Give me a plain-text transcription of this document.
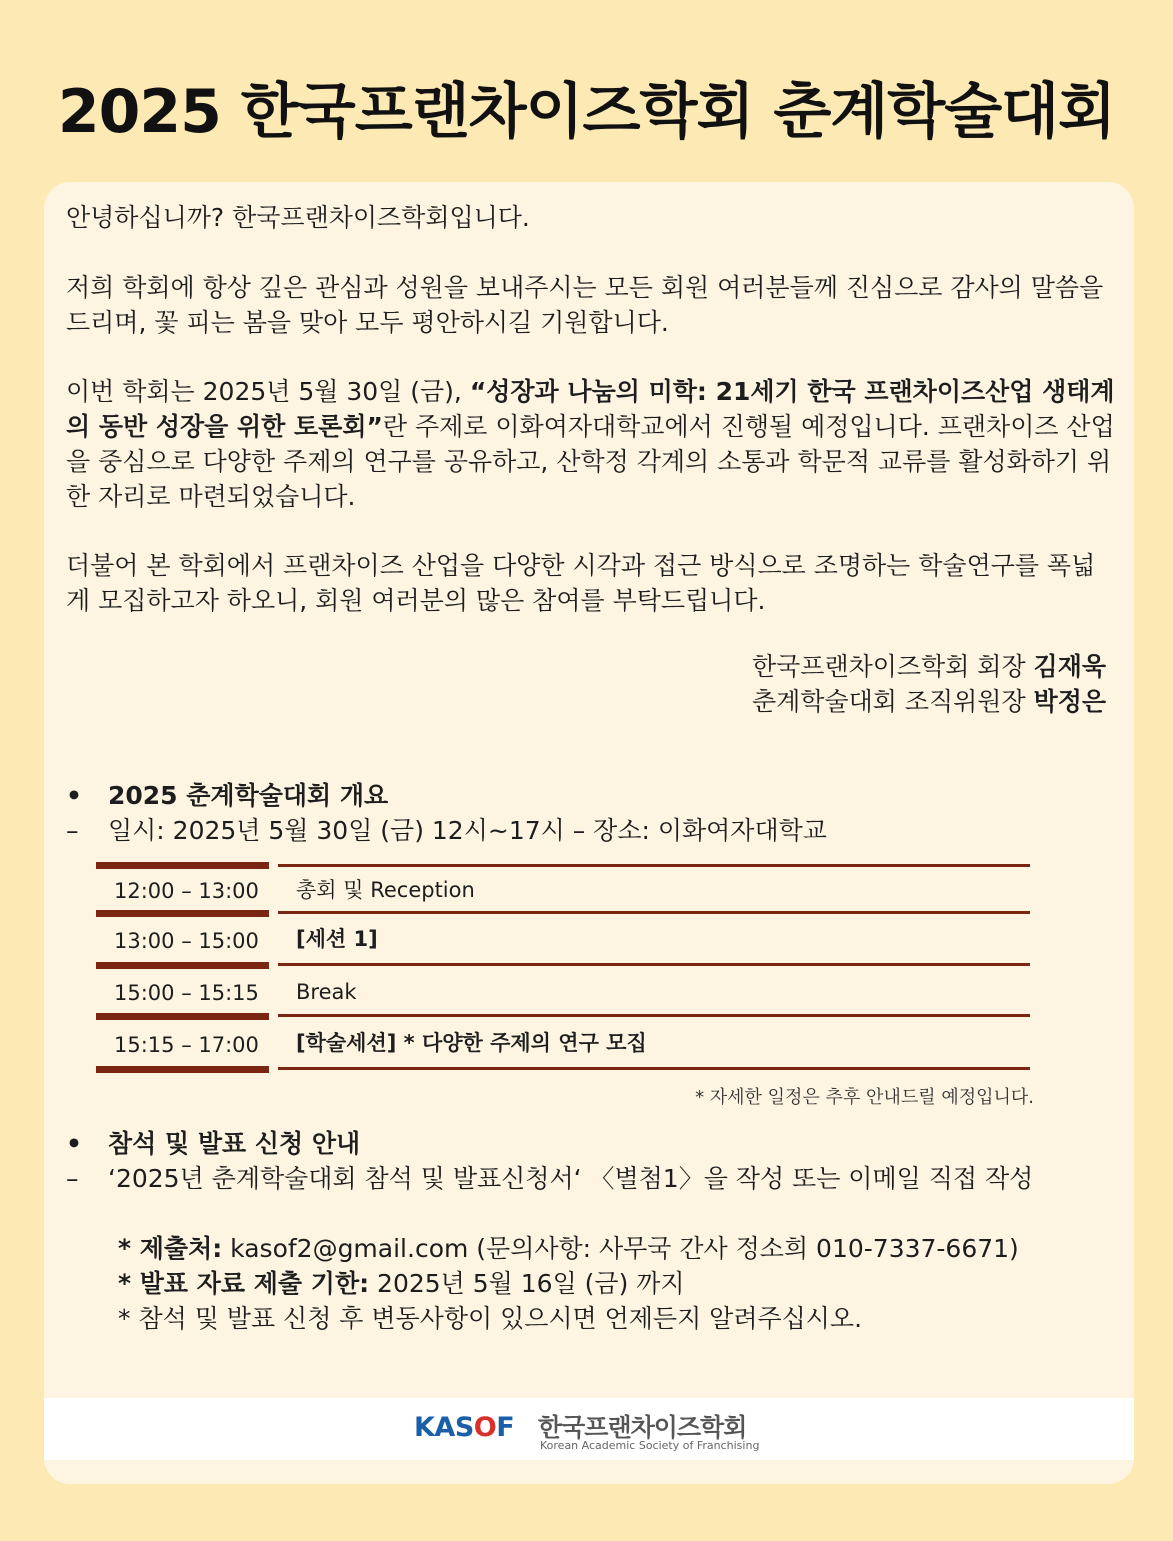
2025 한국프랜차이즈학회 춘계학술대회

안녕하십니까? 한국프랜차이즈학회입니다.

저희 학회에 항상 깊은 관심과 성원을 보내주시는 모든 회원 여러분들께 진심으로 감사의 말씀을 드리며, 꽃 피는 봄을 맞아 모두 평안하시길 기원합니다.

이번 학회는 2025년 5월 30일 (금), “성장과 나눔의 미학: 21세기 한국 프랜차이즈산업 생태계의 동반 성장을 위한 토론회”란 주제로 이화여자대학교에서 진행될 예정입니다. 프랜차이즈 산업을 중심으로 다양한 주제의 연구를 공유하고, 산학정 각계의 소통과 학문적 교류를 활성화하기 위한 자리로 마련되었습니다.

더불어 본 학회에서 프랜차이즈 산업을 다양한 시각과 접근 방식으로 조명하는 학술연구를 폭넓게 모집하고자 하오니, 회원 여러분의 많은 참여를 부탁드립니다.

한국프랜차이즈학회 회장 김재욱
춘계학술대회 조직위원장 박정은
• 2025 춘계학술대회 개요
– 일시: 2025년 5월 30일 (금) 12시~17시 – 장소: 이화여자대학교
12:00 – 13:00 총회 및 Reception
13:00 – 15:00 [세션 1]
15:00 – 15:15 Break
15:15 – 17:00 [학술세션] * 다양한 주제의 연구 모집
* 자세한 일정은 추후 안내드릴 예정입니다.
• 참석 및 발표 신청 안내
– ‘2025년 춘계학술대회 참석 및 발표신청서‘ 〈별첨1〉을 작성 또는 이메일 직접 작성
* 제출처: kasof2@gmail.com (문의사항: 사무국 간사 정소희 010-7337-6671)
* 발표 자료 제출 기한: 2025년 5월 16일 (금) 까지
* 참석 및 발표 신청 후 변동사항이 있으시면 언제든지 알려주십시오.
KASOF 한국프랜차이즈학회
Korean Academic Society of Franchising
